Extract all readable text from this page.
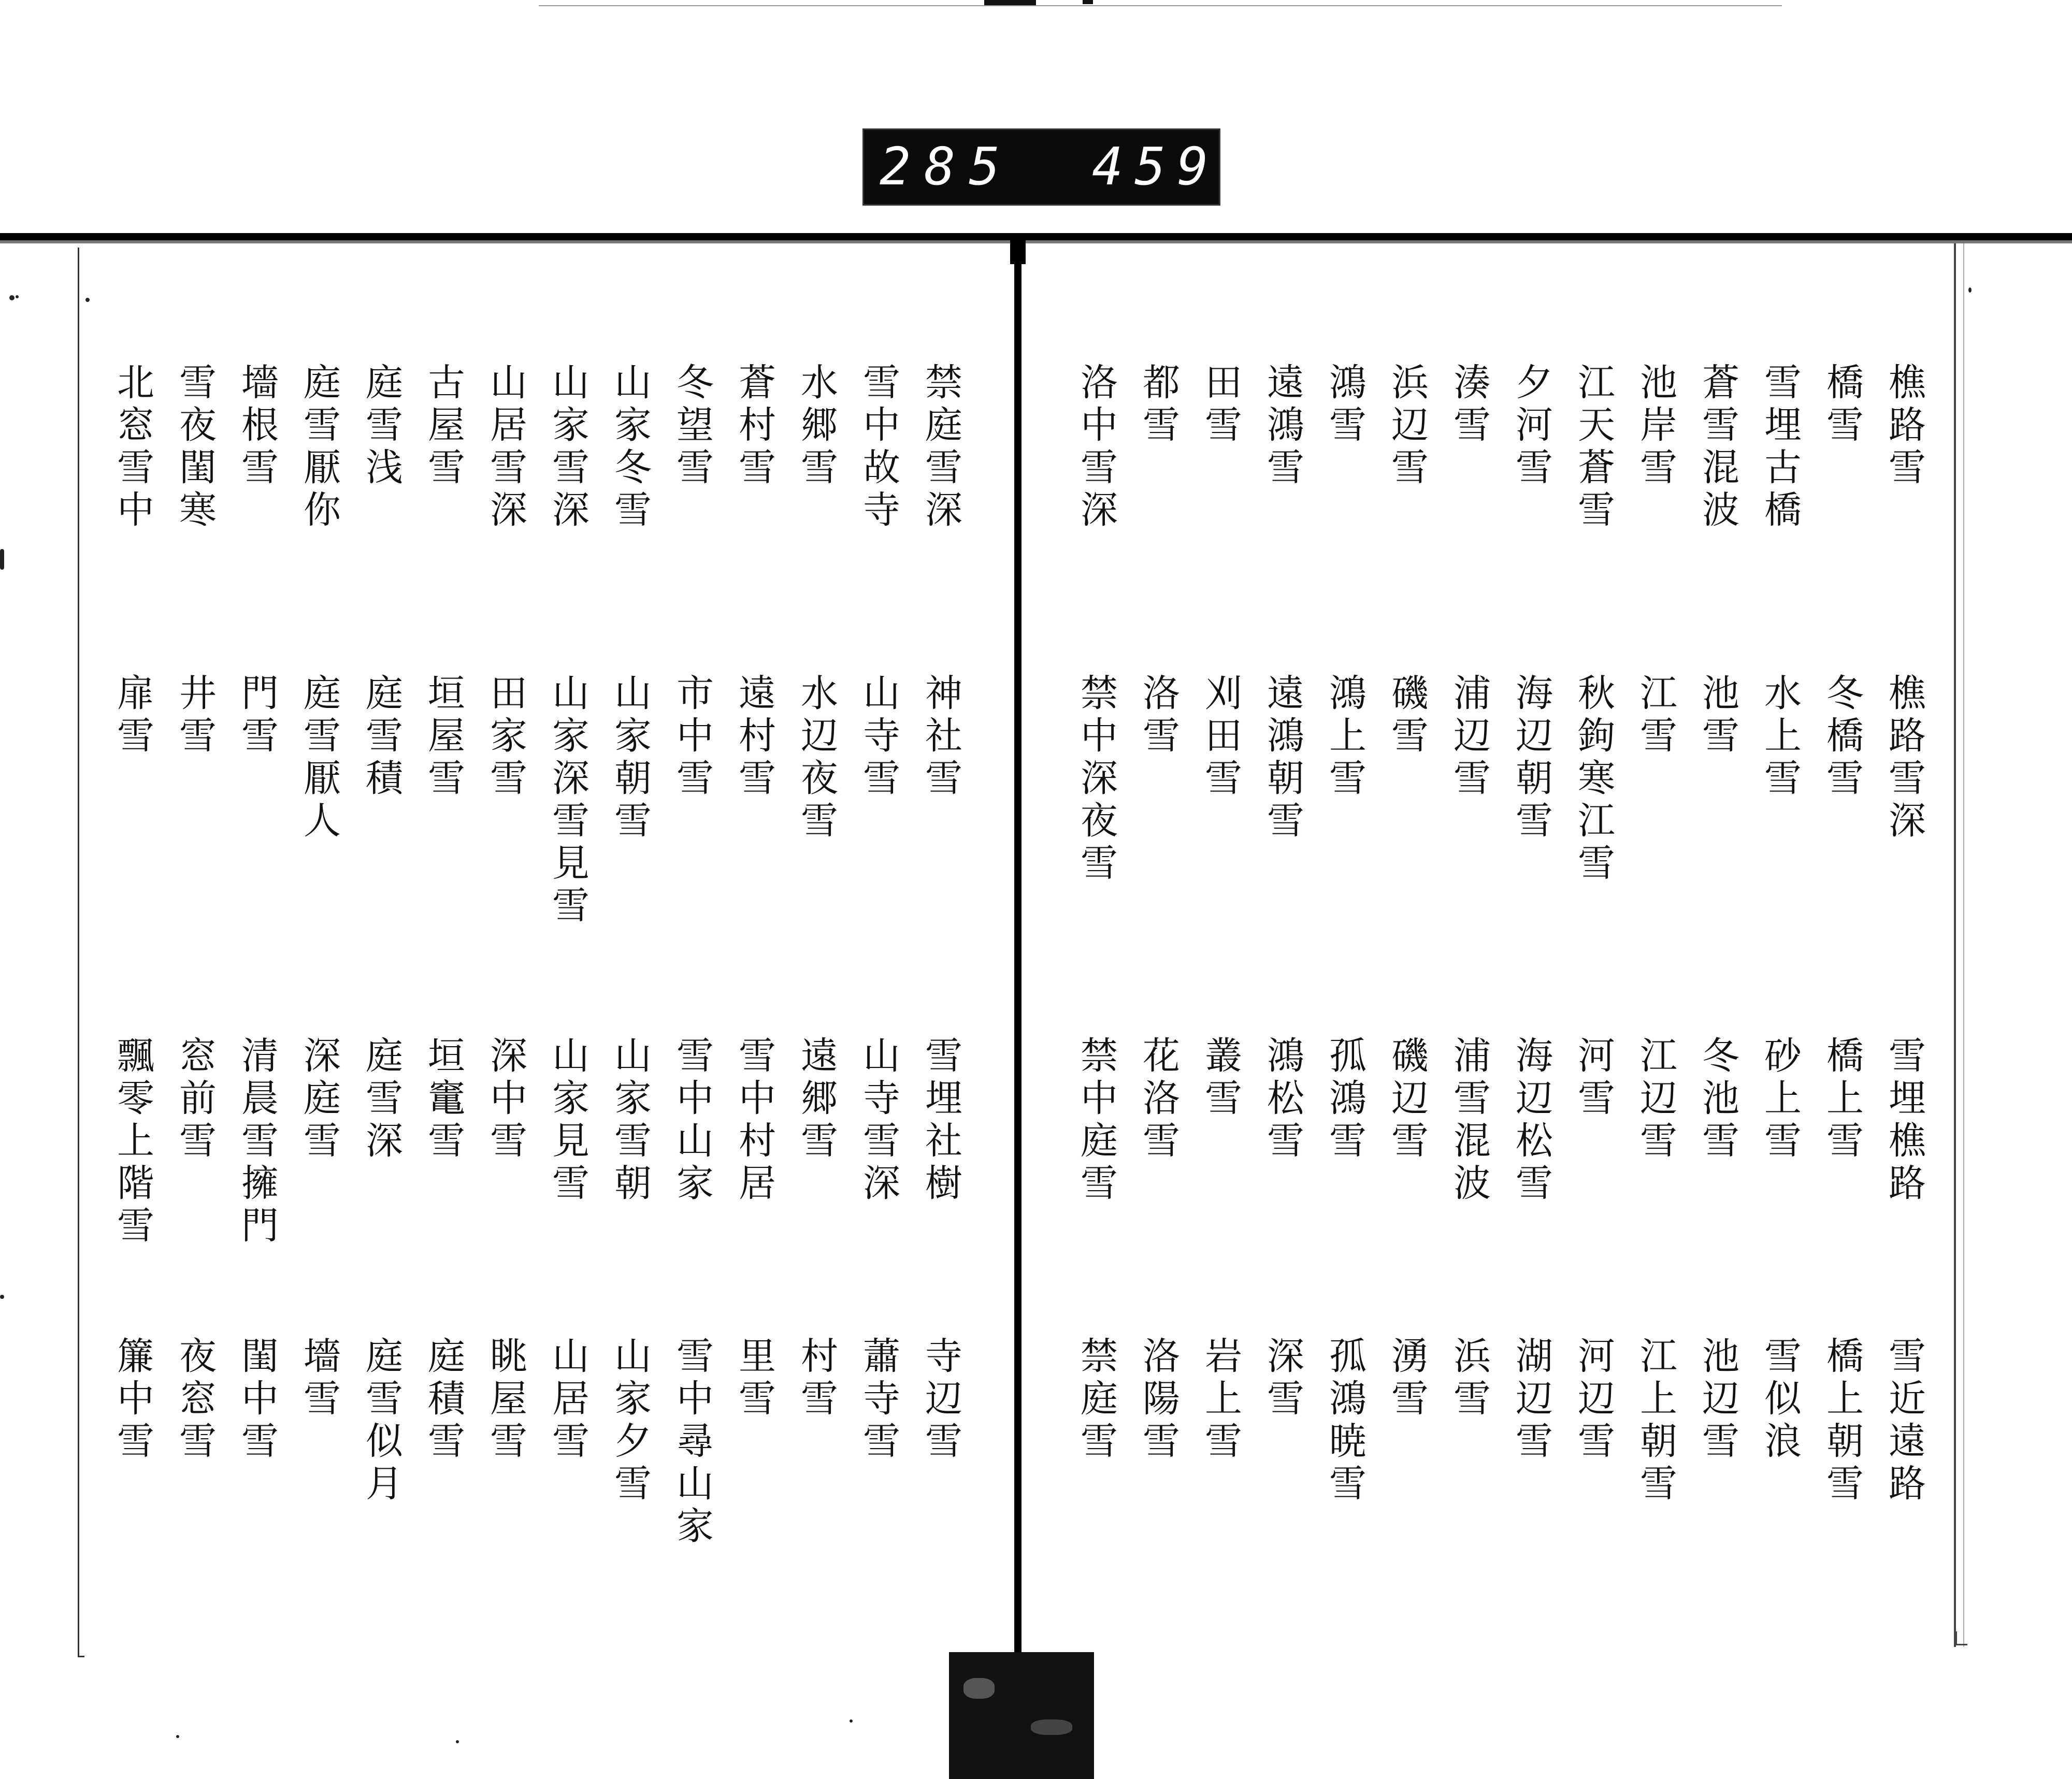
285 459.
禁庭雪深
雪中故寺
水郷雪
蒼村雪
冬望雪
山家冬雪
山家雪深
山居雪深
古屋雪
庭雪浅
庭雪厭你
墻根雪
雪夜閨寒
北窓雪中
神社雪
山寺雪
水辺夜雪
遠村雪
市中雪
山家朝雪
山家深雪見雪
田家雪
垣屋雪
庭雪積
庭雪厭人
門雪
井雪
扉雪
雪埋社樹
山寺雪深
遠郷雪
雪中村居
雪中山家
山家雪朝
山家見雪
深中雪
垣竃雪
庭雪深
深庭雪
清晨雪擁門
窓前雪
飄零上階雪
寺辺雪
蕭寺雪
村雪
里雪
雪中尋山家
山家夕雪
山居雪
眺屋雪
庭積雪
庭雪似月
墻雪
閨中雪
夜窓雪
簾中雪
樵路雪
橋雪
雪埋古橋
蒼雪混波
池岸雪
江天蒼雪
夕河雪
湊雪
浜辺雪
鴻雪
遠鴻雪
田雪
都雪
洛中雪深
樵路雪深
冬橋雪
水上雪
池雪
江雪
秋鉤寒江雪
海辺朝雪
浦辺雪
磯雪
鴻上雪
遠鴻朝雪
刈田雪
洛雪
禁中深夜雪
雪埋樵路
橋上雪
砂上雪
冬池雪
江辺雪
河雪
海辺松雪
浦雪混波
磯辺雪
孤鴻雪
鴻松雪
叢雪
花洛雪
禁中庭雪
雪近遠路
橋上朝雪
雪似浪
池辺雪
江上朝雪
河辺雪
湖辺雪
浜雪
湧雪
孤鴻暁雪
深雪
岩上雪
洛陽雪
禁庭雪
